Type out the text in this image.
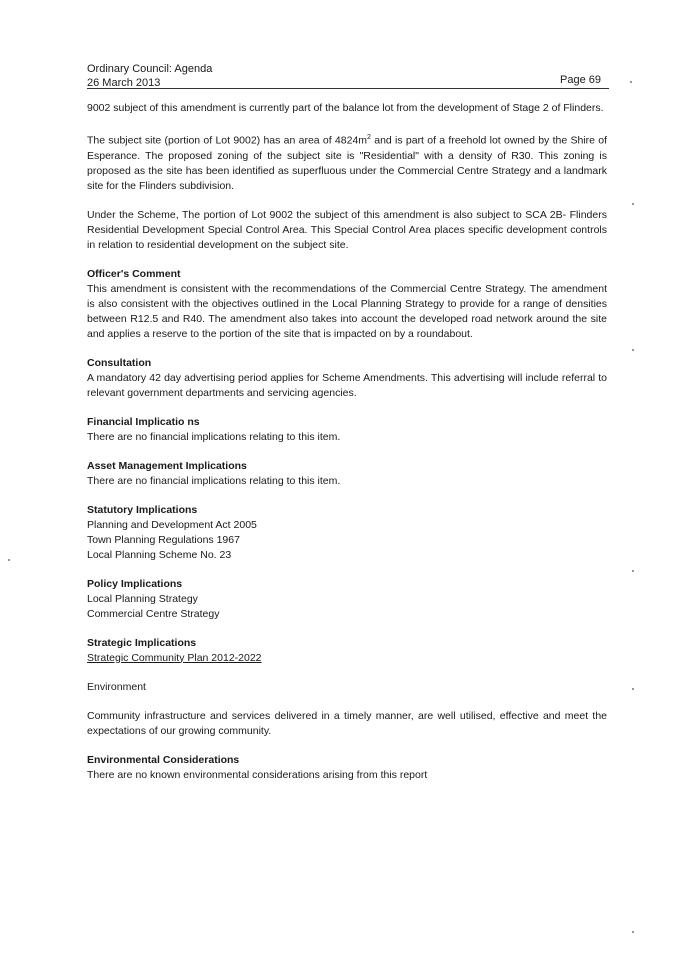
Ordinary Council: Agenda
26 March 2013	Page 69

9002 subject of this amendment is currently part of the balance lot from the development of Stage 2 of Flinders.

The subject site (portion of Lot 9002) has an area of $4824m^2$ and is part of a freehold lot owned by the Shire of Esperance. The proposed zoning of the subject site is "Residential" with a density of R30. This zoning is proposed as the site has been identified as superfluous under the Commercial Centre Strategy and a landmark site for the Flinders subdivision.

Under the Scheme, The portion of Lot 9002 the subject of this amendment is also subject to SCA 2B- Flinders Residential Development Special Control Area. This Special Control Area places specific development controls in relation to residential development on the subject site.

Officer's Comment
This amendment is consistent with the recommendations of the Commercial Centre Strategy. The amendment is also consistent with the objectives outlined in the Local Planning Strategy to provide for a range of densities between R12.5 and R40. The amendment also takes into account the developed road network around the site and applies a reserve to the portion of the site that is impacted on by a roundabout.
Consultation
A mandatory 42 day advertising period applies for Scheme Amendments. This advertising will include referral to relevant government departments and servicing agencies.
Financial Implicatio ns
There are no financial implications relating to this item.
Asset Management Implications
There are no financial implications relating to this item.
Statutory Implications
Planning and Development Act 2005
Town Planning Regulations 1967
Local Planning Scheme No. 23
Policy Implications
Local Planning Strategy
Commercial Centre Strategy
Strategic Implications
Strategic Community Plan 2012-2022

Environment

Community infrastructure and services delivered in a timely manner, are well utilised, effective and meet the expectations of our growing community.

Environmental Considerations
There are no known environmental considerations arising from this report
